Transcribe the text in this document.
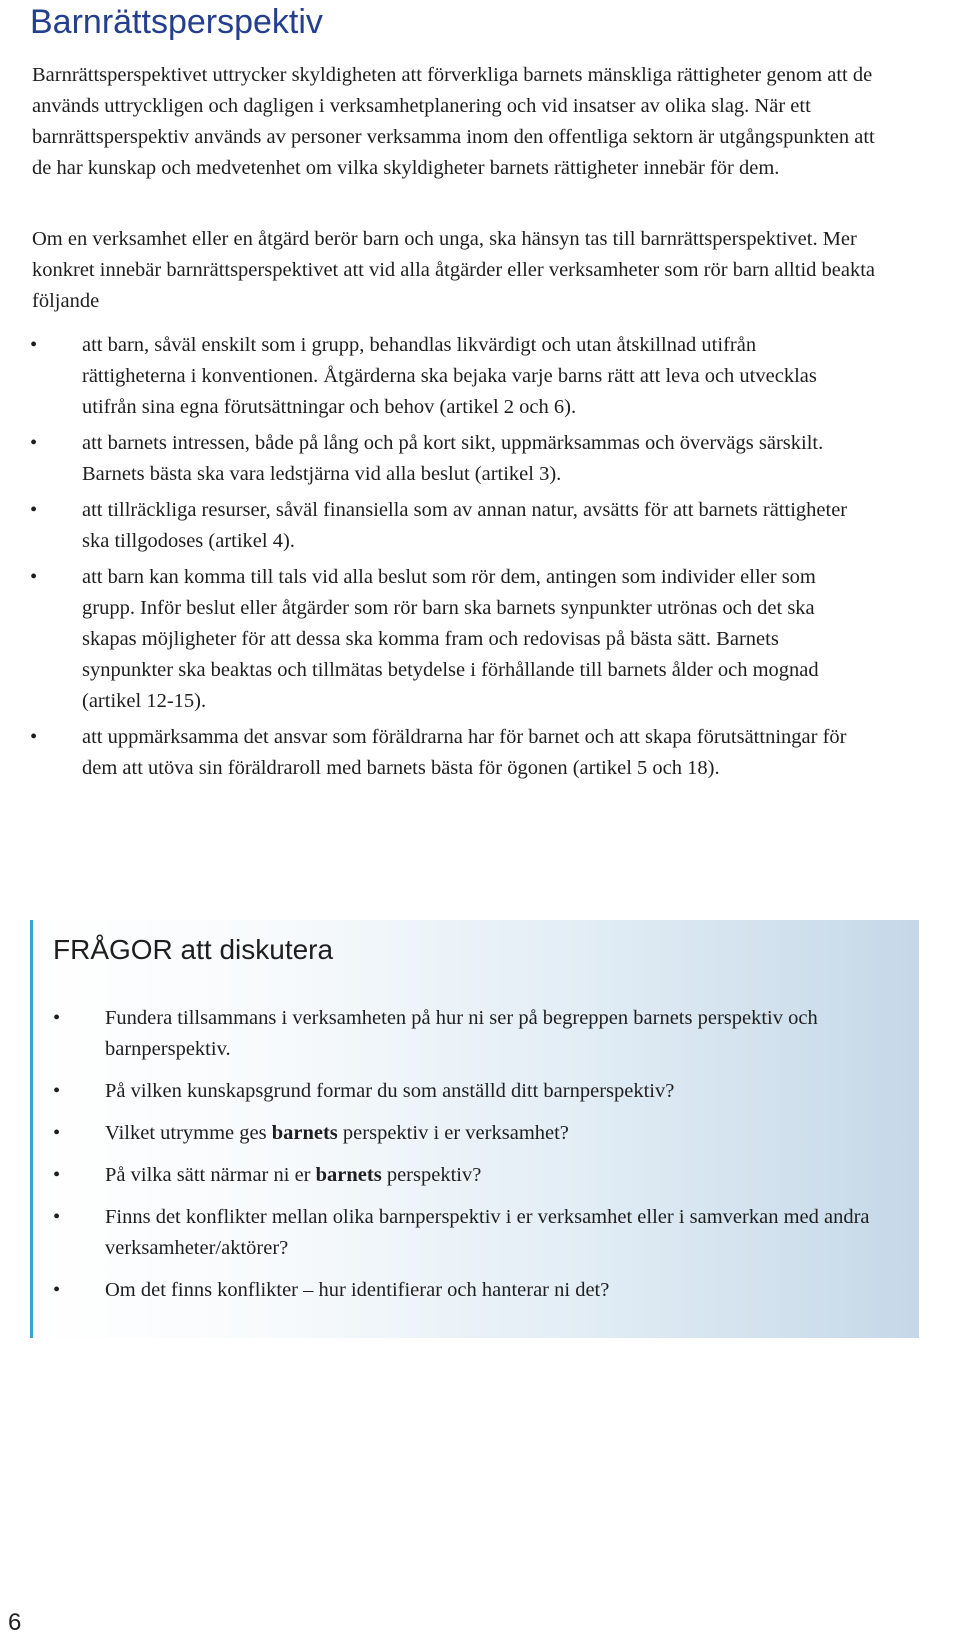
Barnrättsperspektiv

Barnrättsperspektivet uttrycker skyldigheten att förverkliga barnets mänskliga rättigheter genom att de används uttryckligen och dagligen i verksamhetplanering och vid insatser av olika slag. När ett barnrättsperspektiv används av personer verksamma inom den offentliga sektorn är utgångspunkten att de har kunskap och medvetenhet om vilka skyldigheter barnets rättigheter innebär för dem.

Om en verksamhet eller en åtgärd berör barn och unga, ska hänsyn tas till barnrättsperspektivet. Mer konkret innebär barnrättsperspektivet att vid alla åtgärder eller verksamheter som rör barn alltid beakta följande

• att barn, såväl enskilt som i grupp, behandlas likvärdigt och utan åtskillnad utifrån rättigheterna i konventionen. Åtgärderna ska bejaka varje barns rätt att leva och utvecklas utifrån sina egna förutsättningar och behov (artikel 2 och 6).
• att barnets intressen, både på lång och på kort sikt, uppmärksammas och övervägs särskilt. Barnets bästa ska vara ledstjärna vid alla beslut (artikel 3).
• att tillräckliga resurser, såväl finansiella som av annan natur, avsätts för att barnets rättigheter ska tillgodoses (artikel 4).
• att barn kan komma till tals vid alla beslut som rör dem, antingen som individer eller som grupp. Inför beslut eller åtgärder som rör barn ska barnets synpunkter utrönas och det ska skapas möjligheter för att dessa ska komma fram och redovisas på bästa sätt. Barnets synpunkter ska beaktas och tillmätas betydelse i förhållande till barnets ålder och mognad (artikel 12-15).
• att uppmärksamma det ansvar som föräldrarna har för barnet och att skapa förutsättningar för dem att utöva sin föräldraroll med barnets bästa för ögonen (artikel 5 och 18).
FRÅGOR att diskutera
• Fundera tillsammans i verksamheten på hur ni ser på begreppen barnets perspektiv och barnperspektiv.
• På vilken kunskapsgrund formar du som anställd ditt barnperspektiv?
• Vilket utrymme ges barnets perspektiv i er verksamhet?
• På vilka sätt närmar ni er barnets perspektiv?
• Finns det konflikter mellan olika barnperspektiv i er verksamhet eller i samverkan med andra verksamheter/aktörer?
• Om det finns konflikter – hur identifierar och hanterar ni det?
6
